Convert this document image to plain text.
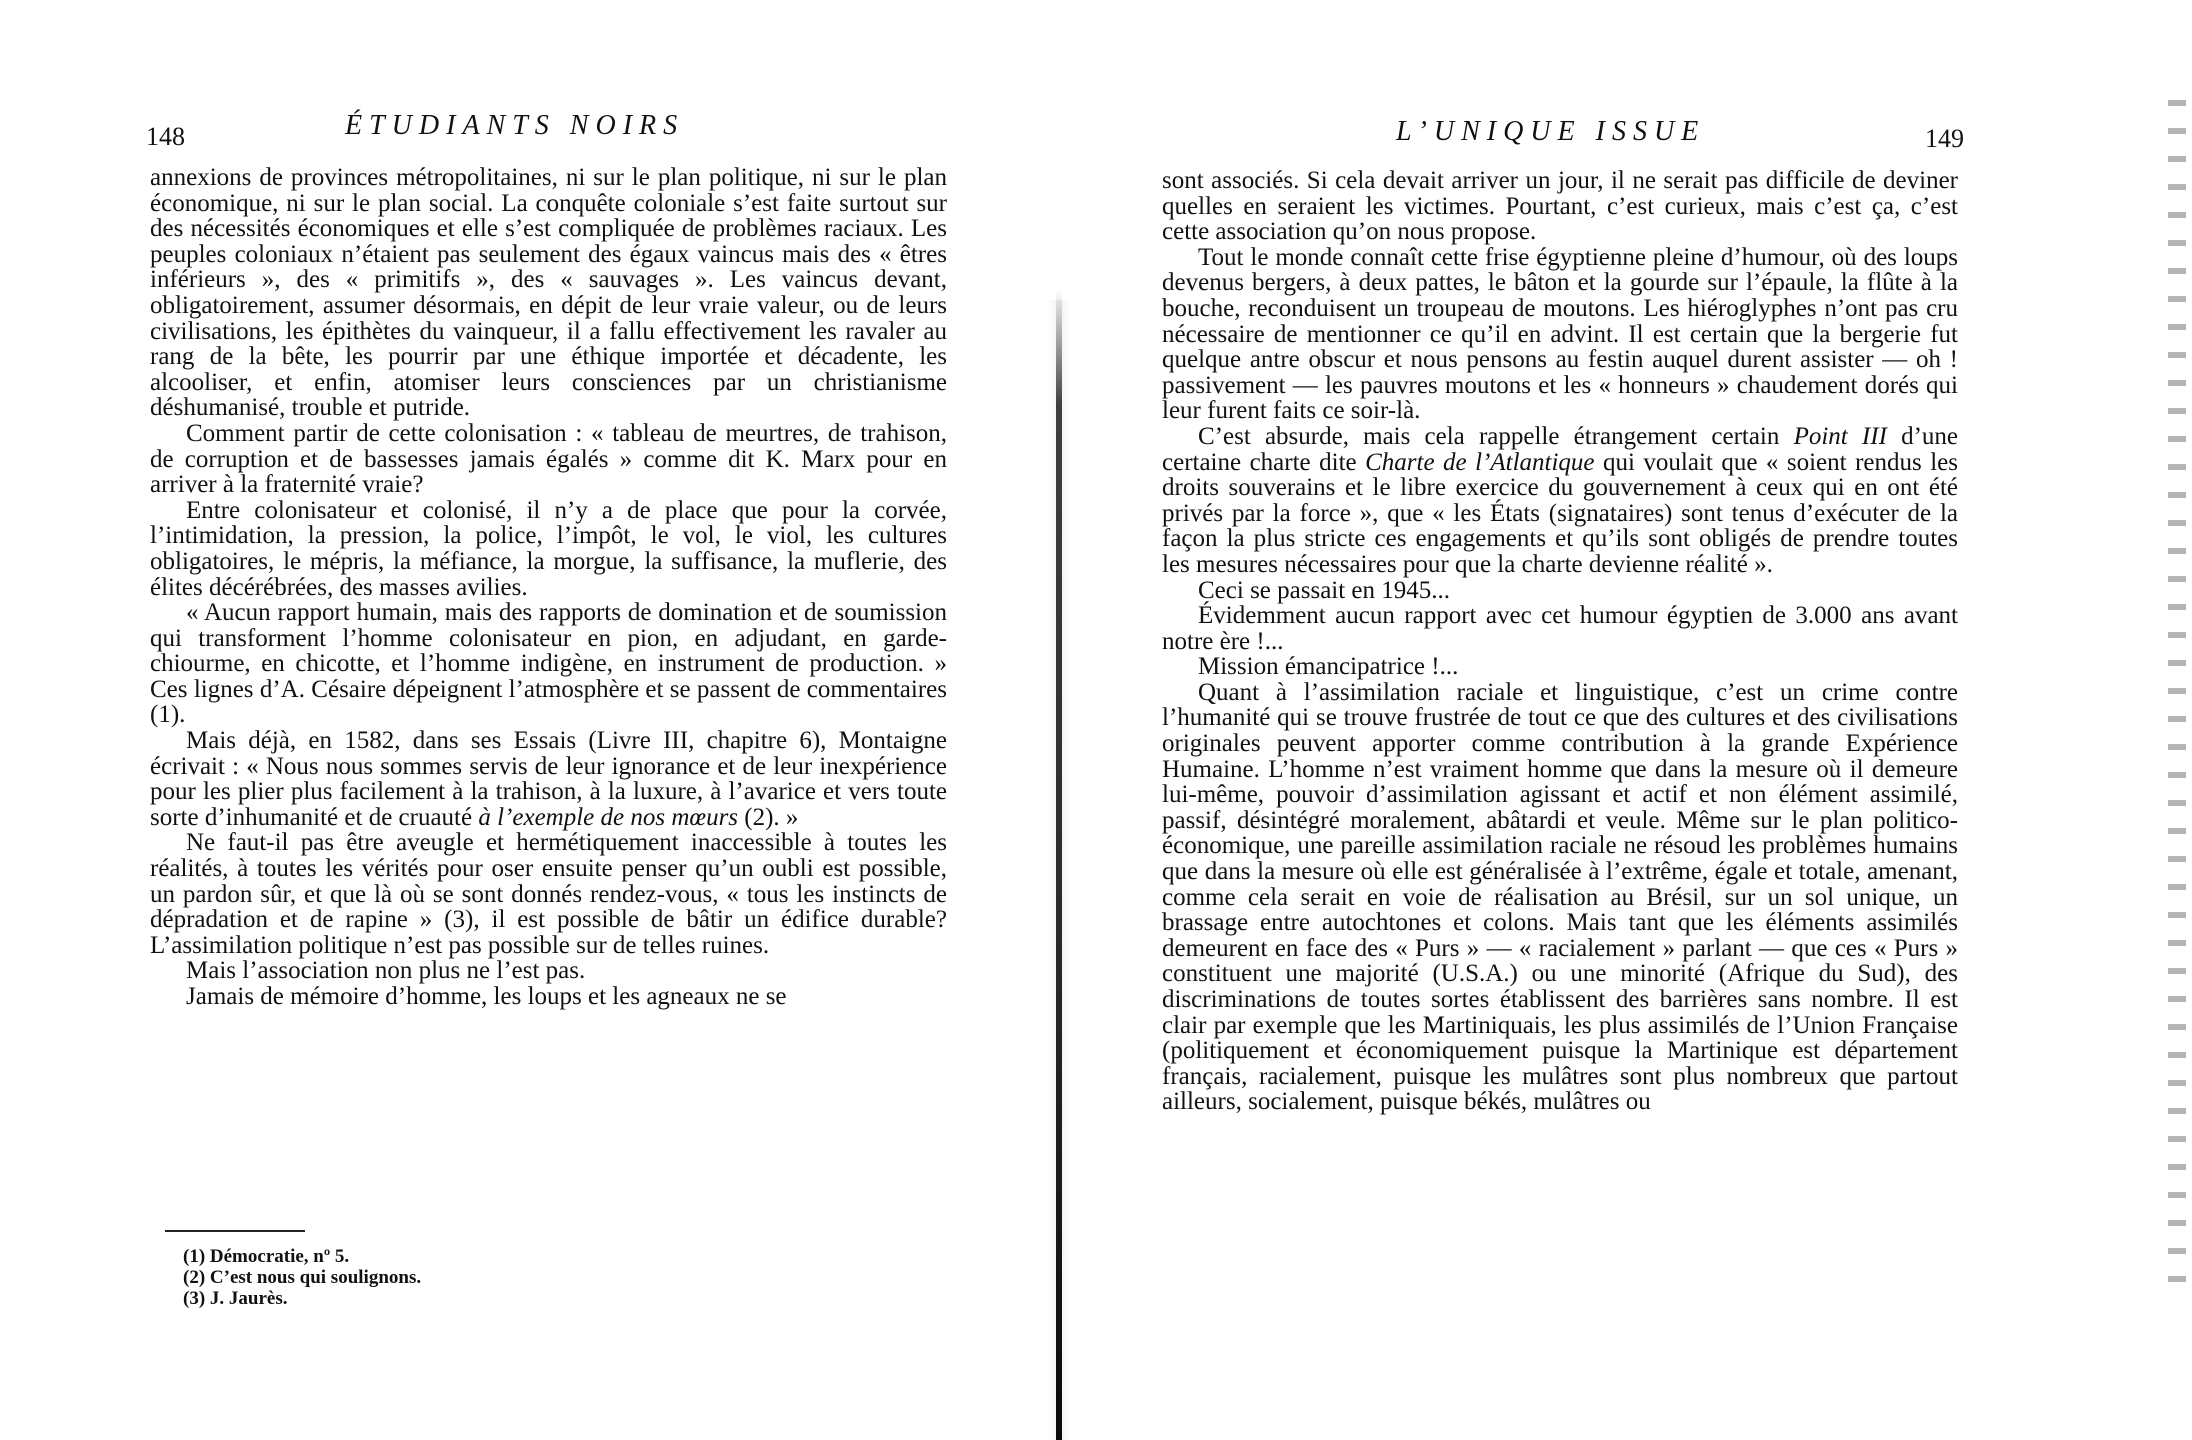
148	ÉTUDIANTS NOIRS

annexions de provinces métropolitaines, ni sur le plan politique, ni sur le plan économique, ni sur le plan social. La conquête coloniale s’est faite surtout sur des nécessités économiques et elle s’est compliquée de problèmes raciaux. Les peuples coloniaux n’étaient pas seulement des égaux vaincus mais des « êtres inférieurs », des « primitifs », des « sauvages ». Les vaincus devant, obligatoirement, assumer désormais, en dépit de leur vraie valeur, ou de leurs civilisations, les épithètes du vainqueur, il a fallu effectivement les ravaler au rang de la bête, les pourrir par une éthique importée et décadente, les alcooliser, et enfin, atomiser leurs consciences par un christianisme déshumanisé, trouble et putride.

Comment partir de cette colonisation : « tableau de meurtres, de trahison, de corruption et de bassesses jamais égalés » comme dit K. Marx pour en arriver à la fraternité vraie?

Entre colonisateur et colonisé, il n’y a de place que pour la corvée, l’intimidation, la pression, la police, l’impôt, le vol, le viol, les cultures obligatoires, le mépris, la méfiance, la morgue, la suffisance, la muflerie, des élites décérébrées, des masses avilies.

« Aucun rapport humain, mais des rapports de domination et de soumission qui transforment l’homme colonisateur en pion, en adjudant, en garde-chiourme, en chicotte, et l’homme indigène, en instrument de production. » Ces lignes d’A. Césaire dépeignent l’atmosphère et se passent de commentaires (1).

Mais déjà, en 1582, dans ses Essais (Livre III, chapitre 6), Montaigne écrivait : « Nous nous sommes servis de leur ignorance et de leur inexpérience pour les plier plus facilement à la trahison, à la luxure, à l’avarice et vers toute sorte d’inhumanité et de cruauté à l’exemple de nos mœurs (2). »

Ne faut-il pas être aveugle et hermétiquement inaccessible à toutes les réalités, à toutes les vérités pour oser ensuite penser qu’un oubli est possible, un pardon sûr, et que là où se sont donnés rendez-vous, « tous les instincts de dépradation et de rapine » (3), il est possible de bâtir un édifice durable? L’assimilation politique n’est pas possible sur de telles ruines.

Mais l’association non plus ne l’est pas.

Jamais de mémoire d’homme, les loups et les agneaux ne se

(1) Démocratie, nº 5.
(2) C’est nous qui soulignons.
(3) J. Jaurès.
L’UNIQUE ISSUE	149

sont associés. Si cela devait arriver un jour, il ne serait pas difficile de deviner quelles en seraient les victimes. Pourtant, c’est curieux, mais c’est ça, c’est cette association qu’on nous propose.

Tout le monde connaît cette frise égyptienne pleine d’humour, où des loups devenus bergers, à deux pattes, le bâton et la gourde sur l’épaule, la flûte à la bouche, reconduisent un troupeau de moutons. Les hiéroglyphes n’ont pas cru nécessaire de mentionner ce qu’il en advint. Il est certain que la bergerie fut quelque antre obscur et nous pensons au festin auquel durent assister — oh ! passivement — les pauvres moutons et les « honneurs » chaudement dorés qui leur furent faits ce soir-là.

C’est absurde, mais cela rappelle étrangement certain Point III d’une certaine charte dite Charte de l’Atlantique qui voulait que « soient rendus les droits souverains et le libre exercice du gouvernement à ceux qui en ont été privés par la force », que « les États (signataires) sont tenus d’exécuter de la façon la plus stricte ces engagements et qu’ils sont obligés de prendre toutes les mesures nécessaires pour que la charte devienne réalité ».

Ceci se passait en 1945...

Évidemment aucun rapport avec cet humour égyptien de 3.000 ans avant notre ère !...

Mission émancipatrice !...

Quant à l’assimilation raciale et linguistique, c’est un crime contre l’humanité qui se trouve frustrée de tout ce que des cultures et des civilisations originales peuvent apporter comme contribution à la grande Expérience Humaine. L’homme n’est vraiment homme que dans la mesure où il demeure lui-même, pouvoir d’assimilation agissant et actif et non élément assimilé, passif, désintégré moralement, abâtardi et veule. Même sur le plan politico-économique, une pareille assimilation raciale ne résoud les problèmes humains que dans la mesure où elle est généralisée à l’extrême, égale et totale, amenant, comme cela serait en voie de réalisation au Brésil, sur un sol unique, un brassage entre autochtones et colons. Mais tant que les éléments assimilés demeurent en face des « Purs » — « racialement » parlant — que ces « Purs » constituent une majorité (U.S.A.) ou une minorité (Afrique du Sud), des discriminations de toutes sortes établissent des barrières sans nombre. Il est clair par exemple que les Martiniquais, les plus assimilés de l’Union Française (politiquement et économiquement puisque la Martinique est département français, racialement, puisque les mulâtres sont plus nombreux que partout ailleurs, socialement, puisque békés, mulâtres ou
